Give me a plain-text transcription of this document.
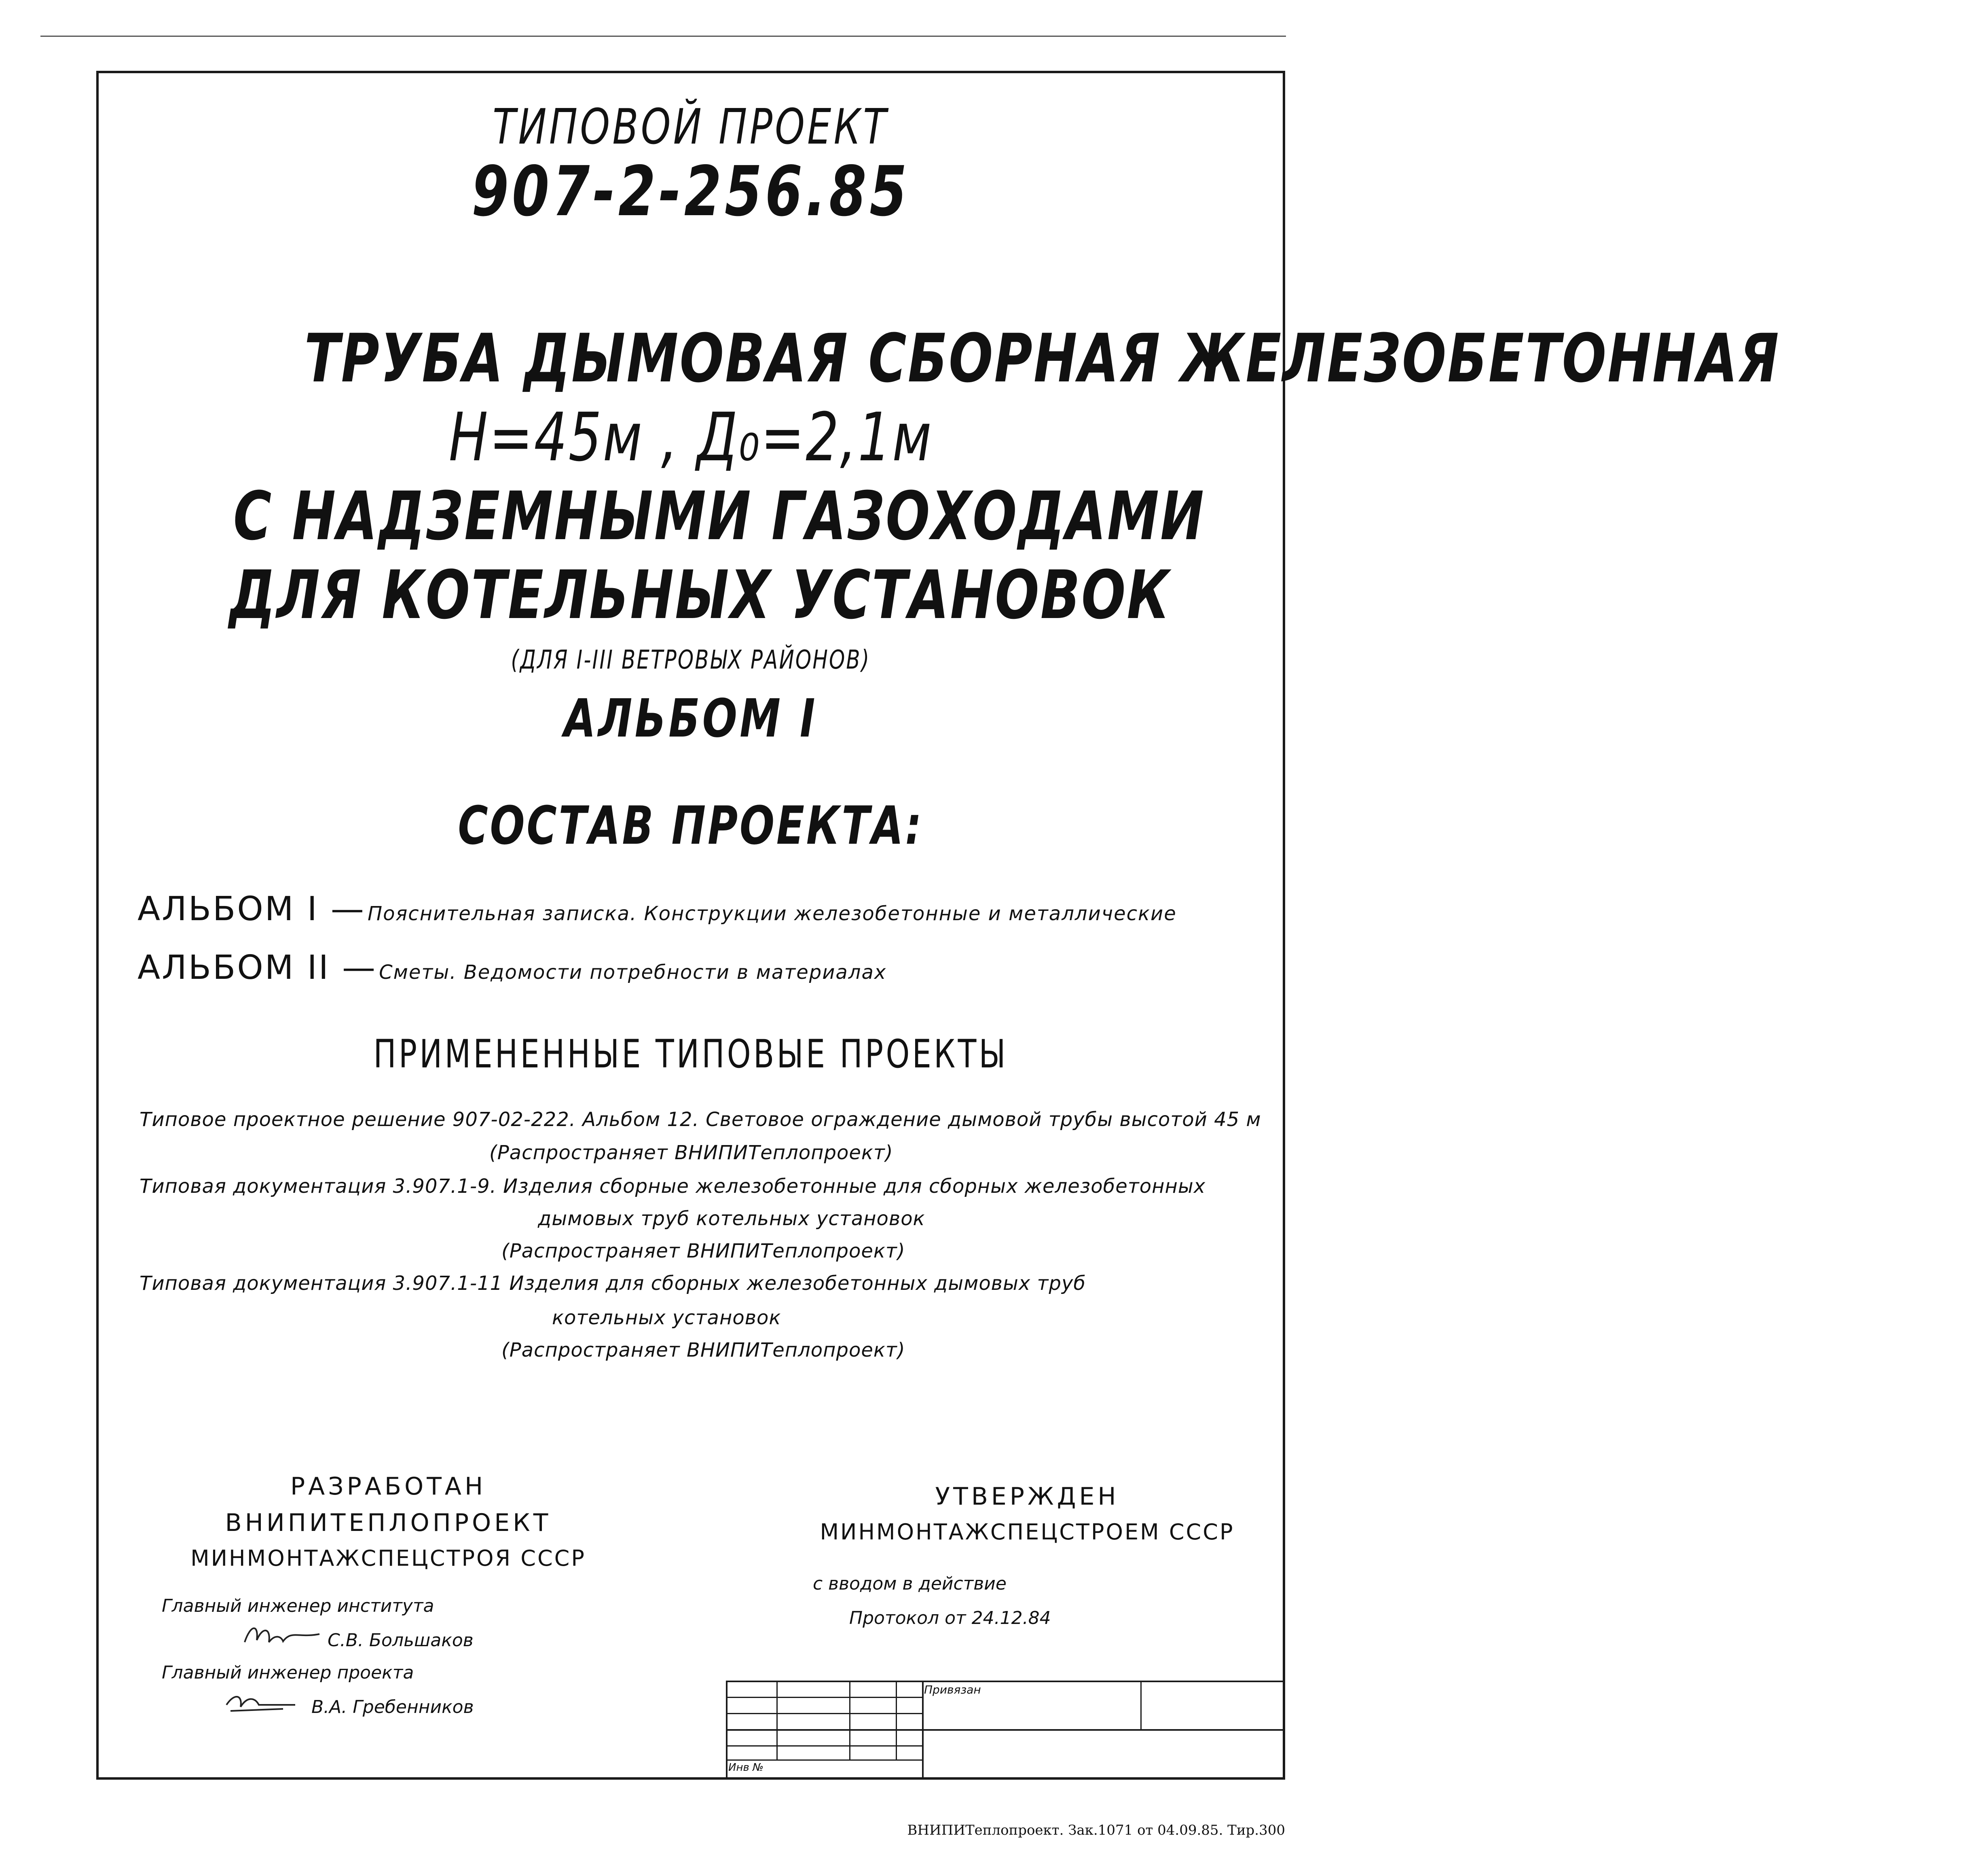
ТИПОВОЙ ПРОЕКТ
907-2-256.85
ТРУБА ДЫМОВАЯ СБОРНАЯ ЖЕЛЕЗОБЕТОННАЯ
H=45м , Д₀=2,1м
С НАДЗЕМНЫМИ ГАЗОХОДАМИ
ДЛЯ КОТЕЛЬНЫХ УСТАНОВОК
(ДЛЯ I-III ВЕТРОВЫХ РАЙОНОВ)
АЛЬБОМ I
СОСТАВ ПРОЕКТА:
АЛЬБОМ I — Пояснительная записка. Конструкции железобетонные и металлические
АЛЬБОМ II — Сметы. Ведомости потребности в материалах
ПРИМЕНЕННЫЕ ТИПОВЫЕ ПРОЕКТЫ
Типовое проектное решение 907-02-222. Альбом 12. Световое ограждение дымовой трубы высотой 45 м
(Распространяет ВНИПИТеплопроект)
Типовая документация 3.907.1-9. Изделия сборные железобетонные для сборных железобетонных
дымовых труб котельных установок
(Распространяет ВНИПИТеплопроект)
Типовая документация 3.907.1-11 Изделия для сборных железобетонных дымовых труб
котельных установок
(Распространяет ВНИПИТеплопроект)
РАЗРАБОТАН
ВНИПИТЕПЛОПРОЕКТ
МИНМОНТАЖСПЕЦСТРОЯ СССР
Главный инженер института
С.В. Большаков
Главный инженер проекта
В.А. Гребенников
УТВЕРЖДЕН
МИНМОНТАЖСПЕЦСТРОЕМ СССР
с вводом в действие
Протокол от 24.12.84
Привязан
Инв №
ВНИПИТеплопроект. Зак.1071 от 04.09.85. Тир.300
